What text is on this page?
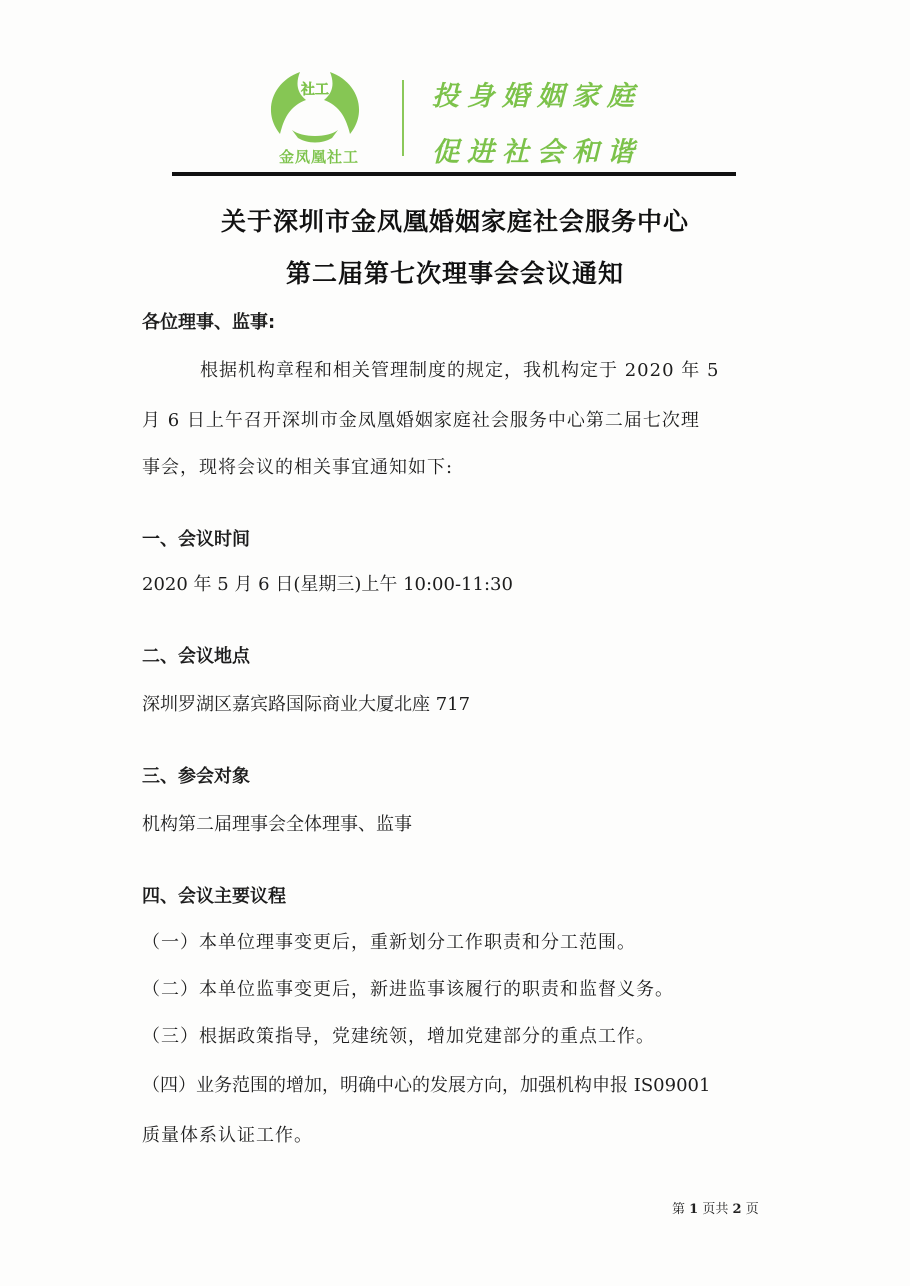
社工
金凤凰社工
投身婚姻家庭
促进社会和谐
关于深圳市金凤凰婚姻家庭社会服务中心
第二届第七次理事会会议通知
各位理事、监事:
根据机构章程和相关管理制度的规定，我机构定于 2020 年 5
月 6 日上午召开深圳市金凤凰婚姻家庭社会服务中心第二届七次理
事会，现将会议的相关事宜通知如下:
一、会议时间
2020 年 5 月 6 日(星期三)上午 10:00-11:30
二、会议地点
深圳罗湖区嘉宾路国际商业大厦北座 717
三、参会对象
机构第二届理事会全体理事、监事
四、会议主要议程
（一）本单位理事变更后，重新划分工作职责和分工范围。
（二）本单位监事变更后，新进监事该履行的职责和监督义务。
（三）根据政策指导，党建统领，增加党建部分的重点工作。
（四）业务范围的增加，明确中心的发展方向，加强机构申报 IS09001
质量体系认证工作。
第 1 页共 2 页
